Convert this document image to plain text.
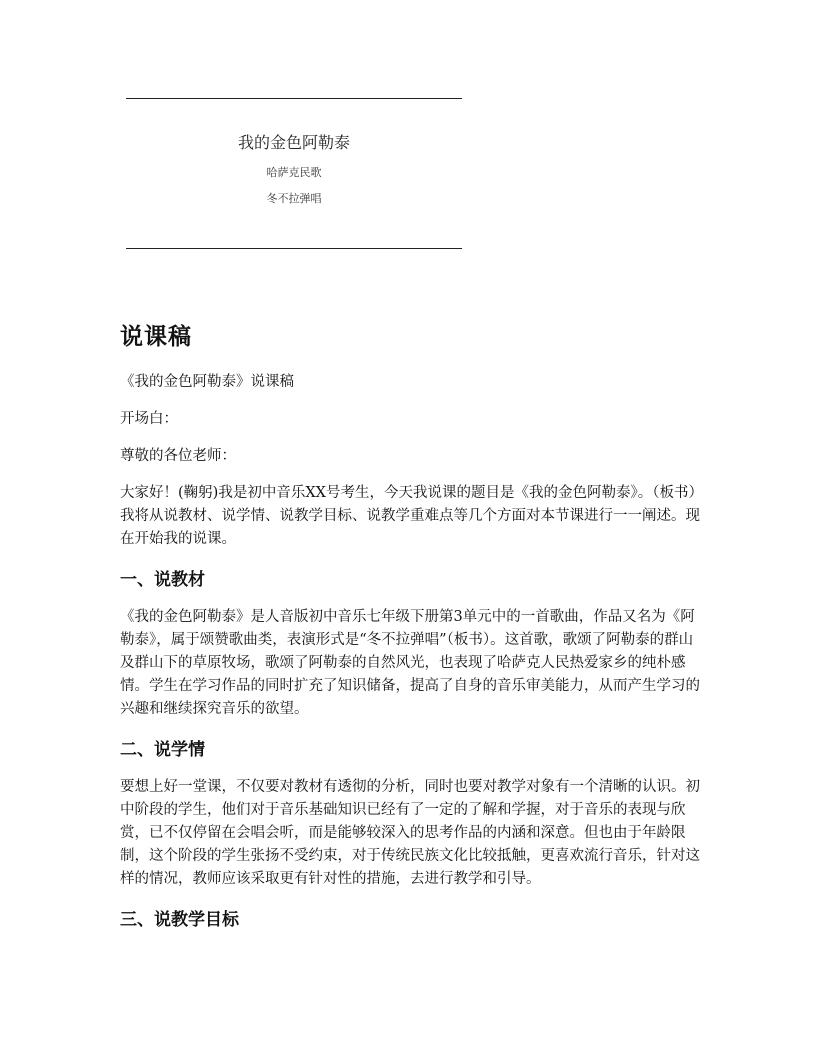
我的金色阿勒泰
哈萨克民歌
冬不拉弹唱
说课稿

《我的金色阿勒泰》说课稿

开场白：

尊敬的各位老师：

大家好！(鞠躬)我是初中音乐XX号考生，今天我说课的题目是《我的金色阿勒泰》。（板书）我将从说教材、说学情、说教学目标、说教学重难点等几个方面对本节课进行一一阐述。现在开始我的说课。

一、说教材

《我的金色阿勒泰》是人音版初中音乐七年级下册第3单元中的一首歌曲，作品又名为《阿勒泰》，属于颂赞歌曲类，表演形式是“冬不拉弹唱”（板书）。这首歌，歌颂了阿勒泰的群山及群山下的草原牧场，歌颂了阿勒泰的自然风光，也表现了哈萨克人民热爱家乡的纯朴感情。学生在学习作品的同时扩充了知识储备，提高了自身的音乐审美能力，从而产生学习的兴趣和继续探究音乐的欲望。

二、说学情

要想上好一堂课，不仅要对教材有透彻的分析，同时也要对教学对象有一个清晰的认识。初中阶段的学生，他们对于音乐基础知识已经有了一定的了解和学握，对于音乐的表现与欣赏，已不仅停留在会唱会听，而是能够较深入的思考作品的内涵和深意。但也由于年龄限制，这个阶段的学生张扬不受约束，对于传统民族文化比较抵触，更喜欢流行音乐，针对这样的情况，教师应该采取更有针对性的措施，去进行教学和引导。

三、说教学目标
